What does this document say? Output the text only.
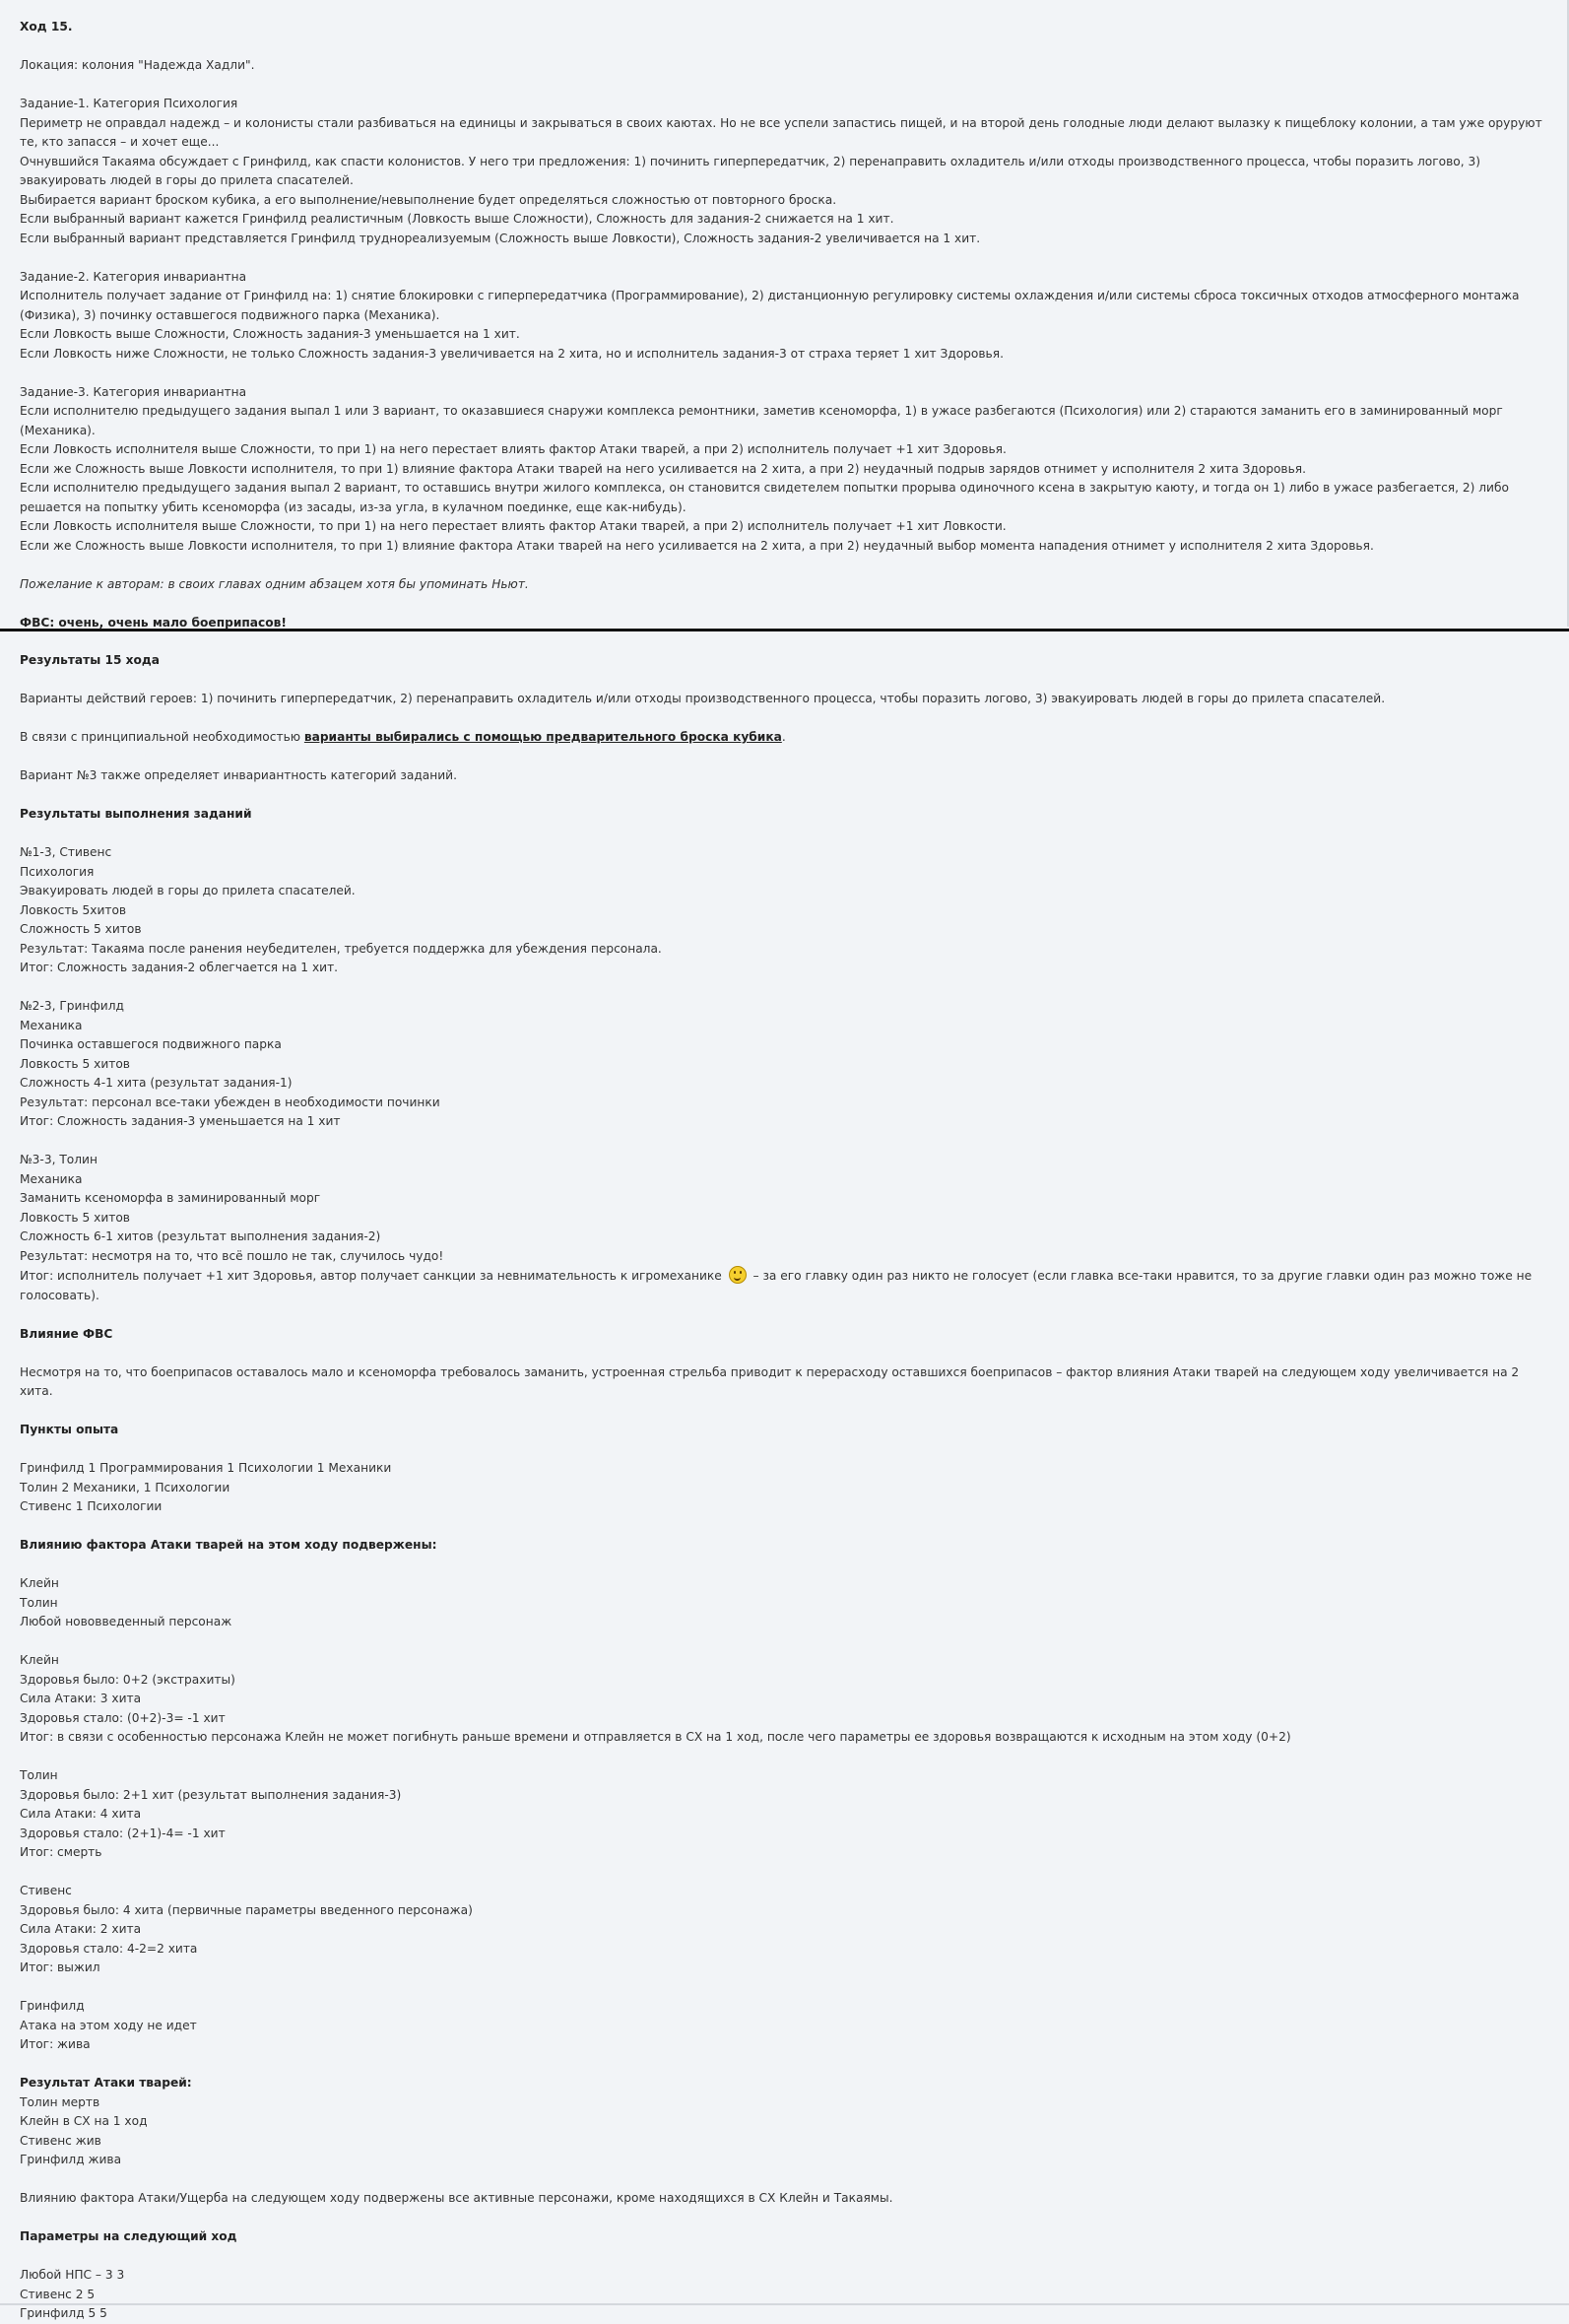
Ход 15.

Локация: колония "Надежда Хадли".

Задание-1. Категория Психология
Периметр не оправдал надежд – и колонисты стали разбиваться на единицы и закрываться в своих каютах. Но не все успели запастись пищей, и на второй день голодные люди делают вылазку к пищеблоку колонии, а там уже оруруют те, кто запасся – и хочет еще...
Очнувшийся Такаяма обсуждает с Гринфилд, как спасти колонистов. У него три предложения: 1) починить гиперпередатчик, 2) перенаправить охладитель и/или отходы производственного процесса, чтобы поразить логово, 3) эвакуировать людей в горы до прилета спасателей.
Выбирается вариант броском кубика, а его выполнение/невыполнение будет определяться сложностью от повторного броска.
Если выбранный вариант кажется Гринфилд реалистичным (Ловкость выше Сложности), Сложность для задания-2 снижается на 1 хит.
Если выбранный вариант представляется Гринфилд труднореализуемым (Сложность выше Ловкости), Сложность задания-2 увеличивается на 1 хит.

Задание-2. Категория инвариантна
Исполнитель получает задание от Гринфилд на: 1) снятие блокировки с гиперпередатчика (Программирование), 2) дистанционную регулировку системы охлаждения и/или системы сброса токсичных отходов атмосферного монтажа (Физика), 3) починку оставшегося подвижного парка (Механика).
Если Ловкость выше Сложности, Сложность задания-3 уменьшается на 1 хит.
Если Ловкость ниже Сложности, не только Сложность задания-3 увеличивается на 2 хита, но и исполнитель задания-3 от страха теряет 1 хит Здоровья.

Задание-3. Категория инвариантна
Если исполнителю предыдущего задания выпал 1 или 3 вариант, то оказавшиеся снаружи комплекса ремонтники, заметив ксеноморфа, 1) в ужасе разбегаются (Психология) или 2) стараются заманить его в заминированный морг (Механика).
Если Ловкость исполнителя выше Сложности, то при 1) на него перестает влиять фактор Атаки тварей, а при 2) исполнитель получает +1 хит Здоровья.
Если же Сложность выше Ловкости исполнителя, то при 1) влияние фактора Атаки тварей на него усиливается на 2 хита, а при 2) неудачный подрыв зарядов отнимет у исполнителя 2 хита Здоровья.
Если исполнителю предыдущего задания выпал 2 вариант, то оставшись внутри жилого комплекса, он становится свидетелем попытки прорыва одиночного ксена в закрытую каюту, и тогда он 1) либо в ужасе разбегается, 2) либо решается на попытку убить ксеноморфа (из засады, из-за угла, в кулачном поединке, еще как-нибудь).
Если Ловкость исполнителя выше Сложности, то при 1) на него перестает влиять фактор Атаки тварей, а при 2) исполнитель получает +1 хит Ловкости.
Если же Сложность выше Ловкости исполнителя, то при 1) влияние фактора Атаки тварей на него усиливается на 2 хита, а при 2) неудачный выбор момента нападения отнимет у исполнителя 2 хита Здоровья.

Пожелание к авторам: в своих главах одним абзацем хотя бы упоминать Ньют.

ФВС: очень, очень мало боеприпасов!

Результаты 15 хода

Варианты действий героев: 1) починить гиперпередатчик, 2) перенаправить охладитель и/или отходы производственного процесса, чтобы поразить логово, 3) эвакуировать людей в горы до прилета спасателей.

В связи с принципиальной необходимостью варианты выбирались с помощью предварительного броска кубика.

Вариант №3 также определяет инвариантность категорий заданий.

Результаты выполнения заданий

№1-3, Стивенс
Психология
Эвакуировать людей в горы до прилета спасателей.
Ловкость 5хитов
Сложность 5 хитов
Результат: Такаяма после ранения неубедителен, требуется поддержка для убеждения персонала.
Итог: Сложность задания-2 облегчается на 1 хит.

№2-3, Гринфилд
Механика
Починка оставшегося подвижного парка
Ловкость 5 хитов
Сложность 4-1 хита (результат задания-1)
Результат: персонал все-таки убежден в необходимости починки
Итог: Сложность задания-3 уменьшается на 1 хит

№3-3, Толин
Механика
Заманить ксеноморфа в заминированный морг
Ловкость 5 хитов
Сложность 6-1 хитов (результат выполнения задания-2)
Результат: несмотря на то, что всё пошло не так, случилось чудо!
Итог: исполнитель получает +1 хит Здоровья, автор получает санкции за невнимательность к игромеханике
– за его главку один раз никто не голосует (если главка все-таки нравится, то за другие главки один раз можно тоже не голосовать).

Влияние ФВС

Несмотря на то, что боеприпасов оставалось мало и ксеноморфа требовалось заманить, устроенная стрельба приводит к перерасходу оставшихся боеприпасов – фактор влияния Атаки тварей на следующем ходу увеличивается на 2 хита.

Пункты опыта

Гринфилд 1 Программирования 1 Психологии 1 Механики
Толин 2 Механики, 1 Психологии
Стивенс 1 Психологии

Влиянию фактора Атаки тварей на этом ходу подвержены:

Клейн
Толин
Любой нововведенный персонаж

Клейн
Здоровья было: 0+2 (экстрахиты)
Сила Атаки: 3 хита
Здоровья стало: (0+2)-3= -1 хит
Итог: в связи с особенностью персонажа Клейн не может погибнуть раньше времени и отправляется в СХ на 1 ход, после чего параметры ее здоровья возвращаются к исходным на этом ходу (0+2)

Толин
Здоровья было: 2+1 хит (результат выполнения задания-3)
Сила Атаки: 4 хита
Здоровья стало: (2+1)-4= -1 хит
Итог: смерть

Стивенс
Здоровья было: 4 хита (первичные параметры введенного персонажа)
Сила Атаки: 2 хита
Здоровья стало: 4-2=2 хита
Итог: выжил

Гринфилд
Атака на этом ходу не идет
Итог: жива

Результат Атаки тварей:
Толин мертв
Клейн в СХ на 1 ход
Стивенс жив
Гринфилд жива

Влиянию фактора Атаки/Ущерба на следующем ходу подвержены все активные персонажи, кроме находящихся в СХ Клейн и Такаямы.

Параметры на следующий ход

Любой НПС – 3 3
Стивенс 2 5
Гринфилд 5 5
